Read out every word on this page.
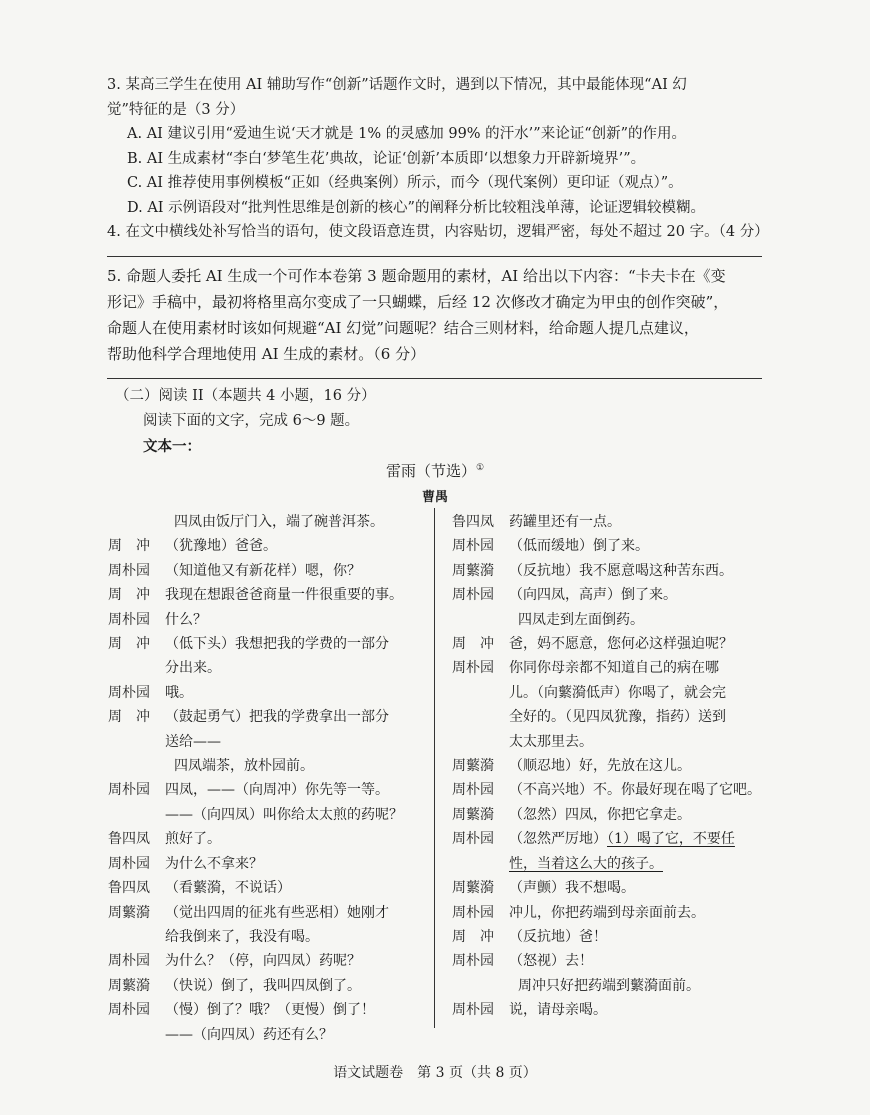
3. 某高三学生在使用 AI 辅助写作“创新”话题作文时，遇到以下情况，其中最能体现“AI 幻

觉”特征的是（3 分）

A. AI 建议引用“爱迪生说‘天才就是 1% 的灵感加 99% 的汗水’”来论证“创新”的作用。

B. AI 生成素材“李白‘梦笔生花’典故，论证‘创新’本质即‘以想象力开辟新境界’”。

C. AI 推荐使用事例模板“正如（经典案例）所示，而今（现代案例）更印证（观点）”。

D. AI 示例语段对“批判性思维是创新的核心”的阐释分析比较粗浅单薄，论证逻辑较模糊。

4. 在文中横线处补写恰当的语句，使文段语意连贯，内容贴切，逻辑严密，每处不超过 20 字。（4 分）

5. 命题人委托 AI 生成一个可作本卷第 3 题命题用的素材，AI 给出以下内容：“卡夫卡在《变

形记》手稿中，最初将格里高尔变成了一只蝴蝶，后经 12 次修改才确定为甲虫的创作突破”，

命题人在使用素材时该如何规避“AI 幻觉”问题呢？结合三则材料，给命题人提几点建议，

帮助他科学合理地使用 AI 生成的素材。（6 分）

（二）阅读 II（本题共 4 小题，16 分）

阅读下面的文字，完成 6～9 题。

文本一：

雷雨（节选）①
曹禺
四凤由饭厅门入，端了碗普洱茶。
周　冲	（犹豫地）爸爸。
周朴园	（知道他又有新花样）嗯，你？
周　冲	我现在想跟爸爸商量一件很重要的事。
周朴园	什么？
周　冲	（低下头）我想把我的学费的一部分
分出来。
周朴园	哦。
周　冲	（鼓起勇气）把我的学费拿出一部分
送给——
四凤端茶，放朴园前。
周朴园	四凤，——（向周冲）你先等一等。
——（向四凤）叫你给太太煎的药呢？
鲁四凤	煎好了。
周朴园	为什么不拿来？
鲁四凤	（看蘩漪，不说话）
周蘩漪	（觉出四周的征兆有些恶相）她刚才
给我倒来了，我没有喝。
周朴园	为什么？（停，向四凤）药呢？
周蘩漪	（快说）倒了，我叫四凤倒了。
周朴园	（慢）倒了？哦？（更慢）倒了！
——（向四凤）药还有么？
鲁四凤	药罐里还有一点。
周朴园	（低而缓地）倒了来。
周蘩漪	（反抗地）我不愿意喝这种苦东西。
周朴园	（向四凤，高声）倒了来。
四凤走到左面倒药。
周　冲	爸，妈不愿意，您何必这样强迫呢？
周朴园	你同你母亲都不知道自己的病在哪
儿。（向蘩漪低声）你喝了，就会完
全好的。（见四凤犹豫，指药）送到
太太那里去。
周蘩漪	（顺忍地）好，先放在这儿。
周朴园	（不高兴地）不。你最好现在喝了它吧。
周蘩漪	（忽然）四凤，你把它拿走。
周朴园	（忽然严厉地）（1）喝了它，不要任
性，当着这么大的孩子。
周蘩漪	（声颤）我不想喝。
周朴园	冲儿，你把药端到母亲面前去。
周　冲	（反抗地）爸！
周朴园	（怒视）去！
周冲只好把药端到蘩漪面前。
周朴园	说，请母亲喝。
语文试题卷　第 3 页（共 8 页）
